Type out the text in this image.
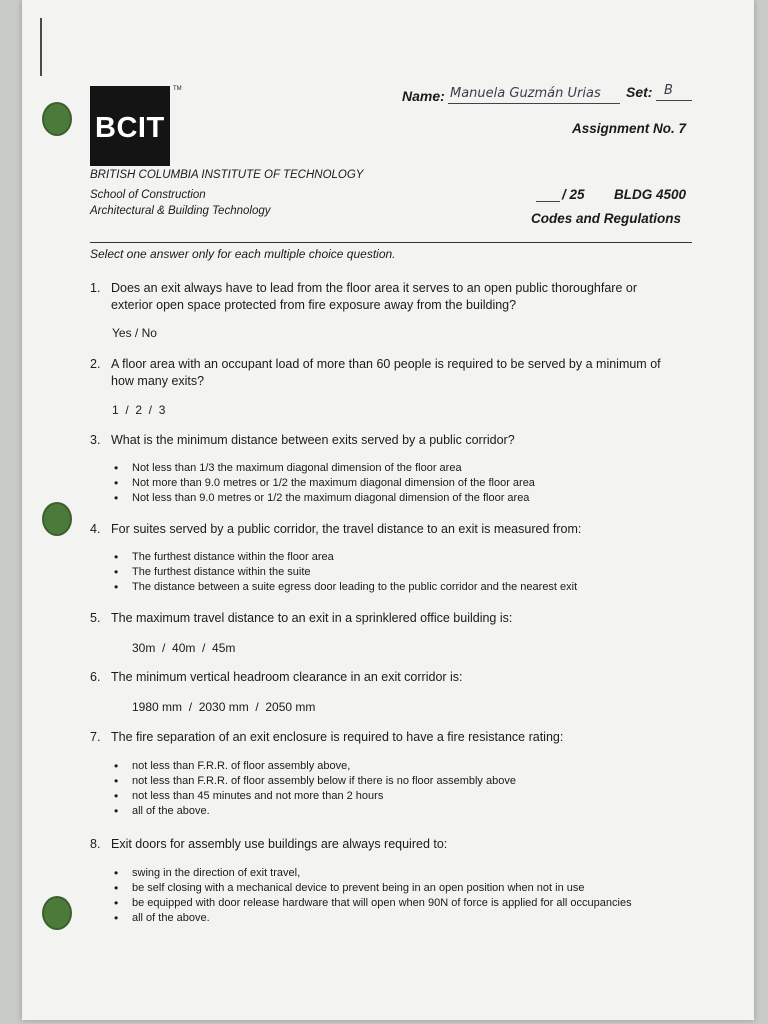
BCIT
TM	Name: Manuela Guzmán Urias Set: B
Assignment No. 7
BRITISH COLUMBIA INSTITUTE OF TECHNOLOGY
School of Construction
Architectural & Building Technology
/ 25 BLDG 4500
Codes and Regulations
Select one answer only for each multiple choice question.
1. Does an exit always have to lead from the floor area it serves to an open public thoroughfare or exterior open space protected from fire exposure away from the building?
Yes / No
2. A floor area with an occupant load of more than 60 people is required to be served by a minimum of how many exits?
1  /  2  /  3
3. What is the minimum distance between exits served by a public corridor?
• Not less than 1/3 the maximum diagonal dimension of the floor area
• Not more than 9.0 metres or 1/2 the maximum diagonal dimension of the floor area
• Not less than 9.0 metres or 1/2 the maximum diagonal dimension of the floor area
4. For suites served by a public corridor, the travel distance to an exit is measured from:
• The furthest distance within the floor area
• The furthest distance within the suite
• The distance between a suite egress door leading to the public corridor and the nearest exit
5. The maximum travel distance to an exit in a sprinklered office building is:
30m  /  40m  /  45m
6. The minimum vertical headroom clearance in an exit corridor is:
1980 mm  /  2030 mm  /  2050 mm
7. The fire separation of an exit enclosure is required to have a fire resistance rating:
• not less than F.R.R. of floor assembly above,
• not less than F.R.R. of floor assembly below if there is no floor assembly above
• not less than 45 minutes and not more than 2 hours
• all of the above.
8. Exit doors for assembly use buildings are always required to:
• swing in the direction of exit travel,
• be self closing with a mechanical device to prevent being in an open position when not in use
• be equipped with door release hardware that will open when 90N of force is applied for all occupancies
• all of the above.
